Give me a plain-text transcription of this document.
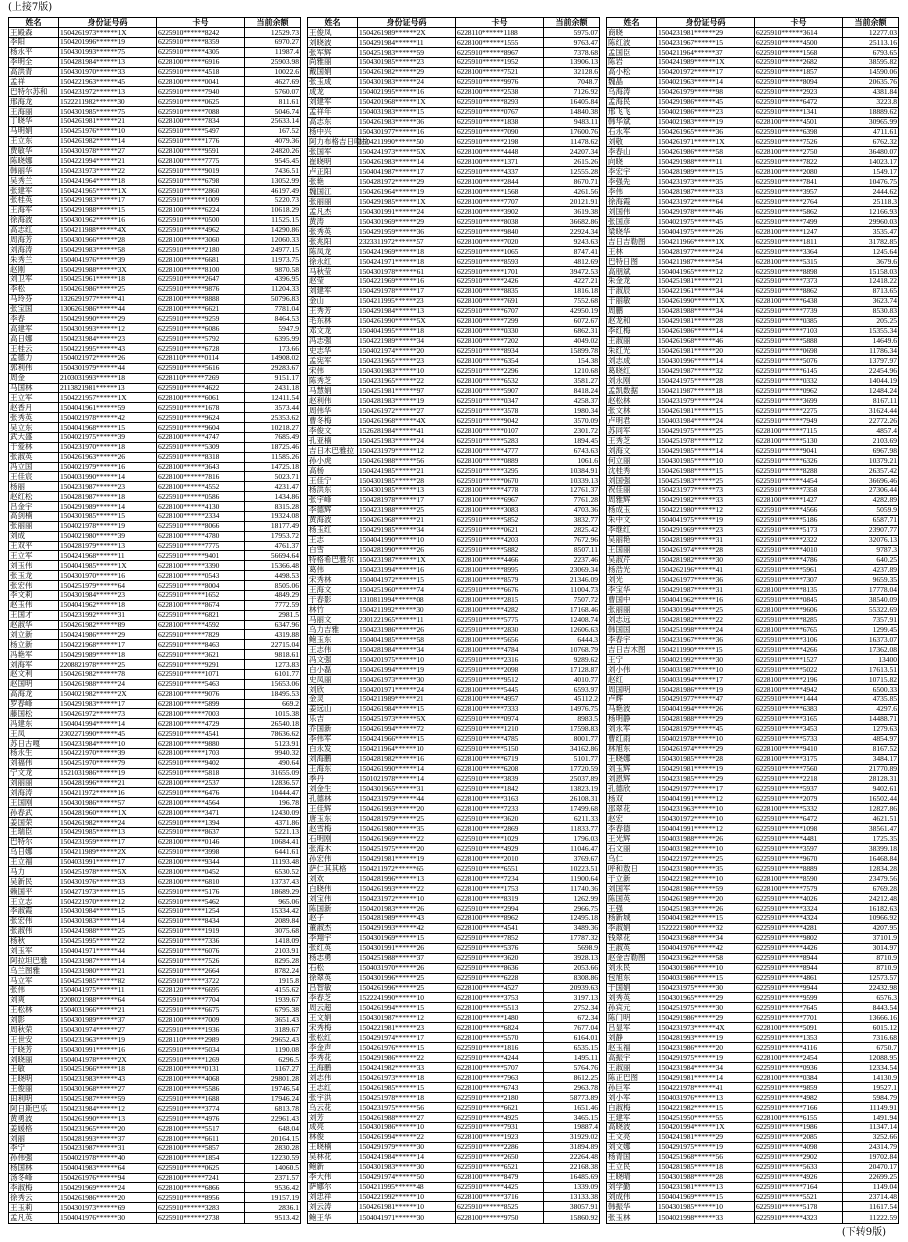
(上接7版)
姓名	身份证号码	卡号	当前余额
王殿森	1504261973******1X	6225910******8242	12529.73
李阳	1504201996******19	6225910******8359	6970.27
杨永平	1504301993******75	6225910******4305	11987.4
李明全	1504281984******13	6228100******6916	25903.98
高洪青	1504301970******33	6225910******4518	10022.6
孟祥	1504221963******45	6228100******0041	4627.69
巴特尔苏和	1504231972******13	6225910******7940	5760.07
邢海龙	1522211982******30	6225910******0625	811.61
王海丽	1504301985******75	6225910******7088	5046.74
丁晓华	1504261981******21	6228100******7834	25633.14
马明娟	1504251976******10	6225910******5497	167.52
王立东	1504261982******14	6225910******1776	4079.36
贾敏华	1504301978******27	6228100******9591	24820.26
陈晓娜	1504221994******21	6228100******7775	9545.45
韩丽华	1504231973******22	6225910******9019	7436.51
吴秀兰	1504241964******18	6225910******6798	13052.99
张建军	1504241965******1X	6225910******2860	46197.49
张桂英	1504291983******17	6225910******1009	5220.73
王海军	1504291988******15	6228100******6224	10618.29
徐海波	1504301962******16	6225910******0500	11525.15
高志红	1504211988******4X	6225910******4962	14290.86
周海芳	1504301966******28	6228100******3060	12060.33
刘海涛	1504291983******58	6225910******2180	24977.15
朱秀兰	1504041976******39	6228100******6681	11973.75
赵刚	1504291988******3X	6228100******8100	9870.58
刘卫军	1504251961******18	6225910******2647	4396.95
李松	1504261986******25	6225910******9876	11204.33
马玲芬	1326291977******41	6228100******8888	50796.83
张宝国	1306261986******44	6228100******6621	7781.04
李春	1504291990******29	6225910******9259	8464.53
高建军	1504301993******12	6225910******6086	5947.9
高日娜	1504231984******23	6225910******5792	6395.99
王桂云	1504221995******43	6225910******6728	173.66
孟德力	1504021972******26	6228110******0114	14908.02
郭利伟	1504301979******44	6225910******5616	29283.67
周金	2103031993******18	6228110******7269	9151.17
马国林	2113821981******13	6225910******4622	2431.18
王立军	1504221957******1X	6228100******6061	12411.54
赵香月	1504041961******59	6225910******1678	3573.44
张秀英	1504021978******42	6225910******9624	25353.62
吴立东	1504041968******15	6225910******9604	10218.27
武大盛	1504021975******39	6228100******4747	7685.49
于爱林	1504231970******18	6225910******5309	18725.46
张淑英	1504261963******26	6225910******8318	11585.26
冯立国	1504021979******16	6228100******3643	14725.18
王佳宸	1504031990******14	6228100******7816	5023.71
杨丽	1504231987******23	6228100******4552	4231.47
赵红松	1504281987******18	6225910******0586	1434.86
吕金宇	1504291989******14	6228100******4130	8315.28
高剑楠	1504301985******15	6228100******2334	19324.08
张丽丽	1504021978******19	6225910******8066	18177.49
刘成	1504021980******39	6228100******4780	17953.72
王双平	1504281979******13	6225910******7775	4761.37
王立军	1504241968******11	6225910******9401	56694.64
刘玉伟	1504041985******1X	6228100******3390	15366.48
张玉龙	1504301970******16	6228100******0543	4498.53
张宏伟	1504251979******64	6225910******8004	8505.06
李文莉	1504301984******23	6225910******1652	4849.29
赵玉伟	1504041962******18	6228100******8674	7772.59
王国才	1504231992******31	6225910******6821	2981.5
赵淑华	1504261982******89	6228100******4592	6347.96
刘立新	1504241986******29	6225910******7829	4319.88
杨立新	1504221968******17	6225910******8463	22715.04
冯艳军	1504291989******18	6225910******3621	9818.61
刘海军	2208821978******25	6225910******9291	1273.83
赵文利	1504261982******78	6225910******1071	6101.77
赵国明	1504261988******24	6225910******5463	15653.06
高海龙	1504021982******2X	6228100******9076	18495.53
罗春峰	1504291983******17	6228100******5899	669.2
藤国松	1504261972******73	6228100******7003	1015.38
冯建东	1504041994******14	6228100******4729	26540.18
王凤	2302271990******45	6225910******4541	78636.62
苏日古嘎	1504231984******10	6228100******9880	5123.91
杨永生	1504221970******39	6228100******1703	9940.32
刘福伟	1504251970******79	6225910******9402	490.64
宁文龙	1521031986******19	6225910******5818	31655.09
刘丽丽	1504281996******21	6228100******2537	12836.57
刘海涛	1504211972******16	6225910******6476	10444.47
王国刚	1504301986******57	6228100******4564	196.78
孙春武	1504281960******1X	6228100******3471	12430.09
姜国荣	1504261982******24	6225910******1394	4371.86
王瑞臣	1504291985******13	6225910******8637	5221.13
巴特尔	1504231959******17	6228100******0146	10684.41
乌日娜	1504211989******2X	6225910******3998	6441.61
王立福	1504031991******17	6228100******9344	11193.48
马力	1504251978******5X	6228100******0452	6530.52
吴新民	1504301976******33	6228100******6810	13737.43
赖国平	1504271973******15	6225910******5176	18689.29
王立志	1504221970******12	6225910******5462	965.06
李淑霞	1504301984******15	6225910******1254	15334.42
张宏伟	1504301983******14	6225910******8434	2089.84
张淑伟	1504241988******25	6225910******1919	3075.68
杨秋	1504251995******22	6225910******7336	1418.09
刘玉军	1504041971******44	6225910******6076	2103.91
阿拉坦巴雅	1504231987******14	6225910******7526	8295.28
乌兰图雅	1504231980******21	6225910******2664	8782.24
马立军	1504251985******82	6225910******3722	1915.8
张伟	1504041975******11	6228120******6695	4155.62
刘爽	2208021988******64	6225910******7704	1939.67
王松林	1504031966******21	6225910******6675	6795.38
刘影	1504301989******37	6228100******7009	3651.43
周秋荣	1504301974******27	6225910******1936	3189.67
王世安	1504231963******19	6228110******2989	29652.43
于晓芳	1504301991******16	6225910******5034	1190.08
刘晓丽	1504041978******2X	6225910******1269	6296.5
王敏	1504251966******18	6228100******0131	1167.27
王晓明	1504231983******43	6228100******4068	29801.28
王俊丽	1504301968******27	6228100******5586	19746.54
田利明	1504251987******59	6225910******1688	17946.24
阿日斯巴乐	1504231984******12	6225910******3774	6813.78
黄勇波	1504261990******13	6225910******4976	22961.43
姜媛格	1504231965******20	6228100******5517	648.04
刘丽	1504281993******37	6228100******6611	20164.15
李宁	1504231987******31	6228100******5857	2830.28
孙伟强	1504021978******40	6228100******1854	12230.59
杨国林	1504041983******64	6225910******0625	14060.5
汤冬峰	1504261976******94	6228100******7241	2371.57
李淑梅	1504291969******24	6228100******6866	9536.42
徐秀云	1504261986******20	6225910******8956	19157.19
王玉莉	1504301973******69	6225910******3283	2836.1
孟凡英	1504041976******30	6225910******2738	9513.42
姓名	身份证号码	卡号	当前余额
王俊凤	1504261989******2X	6228110******1188	5975.07
刘晓波	1504291984******11	6228100******1555	9763.47
张军辉	1504251983******59	6225910******8967	7378.68
尚雅丽	1504301985******23	6225910******1952	13906.13
戴国娟	1504261982******29	6228100******7521	32128.6
张玉成	1504301983******24	6225910******9976	7048.7
成龙	1504021995******16	6228100******2538	7126.92
刘建军	1504201968******1X	6225910******8293	16405.84
孟祥年	1504031983******15	6225910******0767	14840.38
高志东	1504261983******36	6225910******1838	9483.11
杨中兴	1504301977******16	6225910******7090	17600.76
阿力布格吉日嘎拉	1504211990******50	6225910******2198	11478.62
张国军	1504241973******5X	6228100******4448	24207.34
崔晓明	1504261983******14	6228100******1371	2615.26
卢正阳	1504041987******17	6225910******4337	12555.28
张艳	1504281972******29	6228100******2844	8670.71
魏国江	1504261964******19	6228100******1568	4261.56
张丽丽	1504291985******1X	6228100******7707	20121.91
孟凡杰	1504301991******24	6228100******3902	3619.38
黄涛	1504301969******29	6225910******8038	36682.86
张秀英	1504291959******36	6225910******9840	22924.34
张兆阳	2323311972******57	6228100******7020	9243.63
陈凤龙	1504241969******18	6225910******1065	8747.41
徐永红	1504241971******18	6225910******8593	4812.69
马秋莹	1504301978******61	6225910******1701	39472.53
赵莹	1504221969******16	6225910******2426	4227.21
刘建军	1504291978******17	6228100******8835	1816.18
金山	1504211995******23	6228100******7691	7552.68
王秀芳	1504291984******13	6225910******6707	42950.19
毛东林	1504261990******5X	6228100******7299	6072.67
邓文龙	1504041995******18	6228100******0330	6862.31
冯志强	1504221989******34	6228100******7202	4049.02
史志华	1504021974******20	6225910******8934	15899.78
孟宪军	1504231965******23	6228100******6354	154.38
宋伟	1504301983******10	6225910******2296	1210.68
陈秀芝	1504231965******22	6228100******6532	3581.27
马慧娟	1504251981******97	6228100******5907	8418.24
赵利伟	1504281983******19	6225910******0347	4258.37
周伟华	1504261972******27	6225910******3578	1980.34
曹冬梅	1504261968******4X	6225910******9042	3570.09
李俊文	1526281984******41	6228100******0107	2301.72
孔亚楠	1504251983******24	6225910******5283	1894.45
吉日木巴雅拉	1504231979******12	6228100******4777	6743.63
孙小虎	1504261988******56	6228100******0889	1061.6
高杨	1504241985******21	6225910******3295	10384.91
王佳宁	1504301985******28	6225910******0670	10339.13
杨洪东	1504301985******13	6228100******4778	12761.37
张宇峰	1504281978******17	6228100******6967	7761.28
李德辉	1504231988******25	6228100******3083	4703.36
黄海波	1504261968******21	6225910******5852	3832.77
杨玉红	1504291985******34	6225910******0621	2825.42
王志	1504041990******10	6225910******4203	7672.96
白雪	1504281990******26	6225910******5882	8507.11
特格希巴雅尔	1504231987******1X	6228100******4466	2237.46
葛伟	1504231994******16	6228100******8995	23069.34
宋秀林	1504041972******15	6228100******8579	21346.09
王海文	1504251960******74	6225910******6676	11004.73
于春影	1310811994******08	6228100******2815	7507.72
林竹	1504211992******30	6228100******4282	17168.46
马丽文	2301221965******11	6225910******5775	12408.74
乌力吉雅	1504231986******26	6225910******2830	12606.63
鲍玉东	1504041985******58	6228100******5656	6444.3
王志伟	1504281984******34	6228100******4784	10768.79
冯文强	1504201975******10	6225910******2316	9289.62
白小磊	1504261994******19	6225910******2098	17128.87
史凤丽	1504261973******30	6225910******9512	4010.77
刘欣	1504201971******24	6228100******5445	6593.97
金灵	1504211989******21	6228100******4957	45112.2
姜远山	1504261984******15	6228100******7333	14976.75
乐吉	1504251973******5X	6225910******0974	8983.5
乔国新	1504261994******72	6225910******1210	17598.83
李伟军	1504241966******15	6225910******4785	8001.77
白永发	1504211964******10	6225910******5150	34162.86
刘海鹏	1504281982******16	6228100******6719	5101.77
王海东	1504261990******14	6228100******6208	17720.59
季丹	1501021978******14	6225910******3839	25037.89
刘金生	1504301965******31	6225910******1842	13823.19
孔德林	1504231979******44	6228100******3163	26108.31
王佳辉	1504261993******20	6228100******7233	17499.68
唐玉东	1504281979******25	6225910******3620	6211.33
赵雪梅	1504261980******35	6228100******2869	11833.77
石明刚	1504261969******22	6225910******1029	1796.03
张海木	1504251975******20	6225910******4929	11046.47
孙宏伟	1504291981******19	6228100******2010	3769.67
萨仁其其格	1504211972******65	6225910******6551	10223.51
刘欢	1504281996******13	6228100******7234	11900.64
白晓伟	1504261993******22	6228100******1753	11740.36
刘宝伟	1504231972******10	6228100******8319	1262.99
陈国新	1504201983******26	6225910******2994	2966.75
赵子	1504281989******43	6228100******8962	12495.18
董淑杰	1504291993******42	6228100******4541	3489.36
李翔宇	1504301969******15	6225910******7852	17787.32
张红英	1504301991******26	6225910******5376	5698.9
杨志勇	1504251988******37	6225910******3620	3928.13
石松	1504031970******26	6225910******8636	2053.66
徐翠英	1504301996******25	6225910******6228	8308.86
吕智敏	1504261996******25	6228100******4527	20939.63
李春芝	1522241990******10	6228100******3753	3197.13
周云超	1504261994******15	6228100******5513	2752.34
王文娟	1504301987******12	6228100******1480	672.34
宋秀梅	1504221981******23	6228100******6824	7677.04
张松红	1504291974******17	6228100******5570	6164.01
李金声	1504261976******15	6225910******1816	6535.15
李秀花	1504291986******22	6225910******4244	1495.11
王海鹏	1504241982******33	6228100******5707	5764.76
刘志伟	1504261973******18	6228100******7963	8612.25
王志红	1504261985******15	6228100******6743	2963.78
张宇洪	1504251978******18	6225910******2180	58773.89
乌云花	1504231975******56	6225910******6621	1651.46
刘芳	1504261988******27	6225910******4925	3465.15
成亮	1504301986******10	6225910******7931	19887.4
林俊	1504261994******22	6228100******1923	31929.02
王晓楠	1504291979******30	6225910******2286	31894.89
吴林花	1504241984******14	6225910******2650	22264.48
鲍新	1504301983******30	6225910******6521	22168.38
李大伟	1504291974******50	6228100******8479	16485.69
萨娜尔	1504211995******48	6225910******4425	1339.09
刘忠祥	1504221992******10	6228100******3716	13133.38
刘云涛	1504261981******10	6225910******8525	38057.91
鲍王华	1504041971******30	6228100******9750	15860.92
姓名	身份证号码	卡号	当前余额
商晓	1504231981******29	6225910******3614	12277.03
陈红波	1504231967******15	6225910******4500	25113.16
孟国臣	1504211964******37	6225910******1568	6793.65
陈岩	1504241989******1X	6225910******2682	38595.82
高小松	1504201972******17	6225910******1857	14590.06
魏晶	1504021963******14	6225910******8094	20635.76
乌海涛	1504261979******98	6225910******2923	4381.84
孟海民	1504291986******45	6225910******6472	3223.8
邢飞飞	1504021986******23	6225910******1341	18889.62
韩华斌	1504021983******19	6228100******4501	30965.99
石永军	1504261965******36	6225910******6398	4711.61
刘敬	1504261971******1X	6225910******7526	6762.32
李春山	1504261986******58	6228100******2750	36480.07
向晓	1504291988******11	6225910******7822	14023.17
李宏宇	1504281989******15	6228100******2080	1549.17
李强先	1504231973******35	6225910******7841	10476.75
李伟	1504281987******33	6225910******3957	2444.62
徐海霞	1504231972******64	6225910******2764	25118.3
刘国伟	1504291978******46	6225910******5862	12166.93
张国彦	1504021975******45	6225910******7499	29960.03
梁晓华	1504041975******26	6228100******1247	3535.47
吉日吉勒图	1504211966******1X	6225910******1811	31782.85
王林	1504281977******24	6225910******3364	1245.64
巴特日图	1504211987******54	6228100******5315	3679.6
高朋斌	1504041965******12	6225910******8898	15158.03
朱金龙	1504251981******21	6225910******7373	12418.22
于淑辰	1504221961******34	6225910******8862	8713.65
于丽敏	1504261990******1X	6228100******6438	3623.74
周鹏	1504281988******34	6225910******7739	8530.83
赵龙和	1504291981******28	6225910******0385	205.25
李红梅	1504261986******14	6225910******7103	15355.34
王淑丽	1504261968******46	6225910******5888	14649.6
朱红光	1504261981******20	6225910******0698	11786.34
刘志成	1504301996******14	6225910******5076	13797.97
葛晓红	1504291987******32	6225910******6145	22454.96
刘永刚	1504241975******28	6225910******0332	14044.19
孟凯数据	1504211987******18	6225910******0962	12484.24
赵松林	1504231979******24	6225910******3699	8167.11
张文林	1504261981******15	6225910******2275	31624.44
卢明君	1504031984******24	6225910******7949	22772.26
苏同军	1504291975******25	6228100******7115	4857.4
王秀芝	1504251978******12	6228100******5130	2103.69
刘海文	1504291985******14	6225910******9041	6967.98
何立丽	1504301985******10	6225910******6326	10379.21
沈桂秀	1504261988******15	6225910******8288	26357.42
刘国强	1504251983******25	6225910******4454	36696.46
祝佳丽	1504231977******73	6225910******7358	27306.44
周雅辉	1504291982******33	6228100******1427	4282.89
杨成玉	1504221980******12	6225910******4566	5059.9
朱中文	1504041975******19	6225910******5186	6587.71
李继红	1504291969******23	6225910******5173	23907.77
吴丽艳	1504281989******31	6225910******2322	32076.13
王国丽	1504261974******28	6225910******4010	9787.3
吴淑芹	1504281982******30	6225910******4786	640.25
杨浩光	1504262196******41	6225910******5961	4237.89
刘光	1504261977******36	6225910******7307	9659.35
李宝华	1504291987******31	6228100******8135	17778.04
曹国中	1504041962******16	6225910******0845	38540.09
张丽丽	1504301994******25	6228100******9606	55322.69
刘志远	1504281982******22	6225910******8285	7357.91
韩国国	1504251998******24	6228100******6765	1299.45
李春宇	1504231967******36	6225910******3106	16373.07
吉日吉木图	1504211990******15	6225910******4266	17362.08
王宁	1504021992******30	6225910******1527	13400
刘小伟	1504031987******10	6225910******5022	17613.51
赵红	1504031994******17	6228100******2196	10715.82
周国明	1504281986******19	6228100******4942	6500.33
卢辉	1504291977******47	6225910******1444	4735.85
马艳波	1504041994******26	6225910******6383	4297.6
杨明静	1504281988******29	6225910******3165	14488.71
刘永军	1504281979******45	6225910******3453	1279.63
曹红雨	1504021978******10	6225910******5733	4854.97
林旭东	1504261974******29	6228100******9410	8167.52
王晓娜	1504301985******28	6228100******3175	3484.17
刘玉辉	1504291981******19	6225910******7560	21770.89
刘恩辉	1504231985******29	6225910******2218	28128.31
孔德欣	1504291977******17	6225910******5937	9402.61
杨双	1504041991******12	6225910******2079	16502.44
邵翠花	1504231963******10	6228100******5332	12827.86
赵宏	1504301972******10	6225910******6472	4621.51
李春德	1504041991******12	6225910******1098	38561.47
王光辉	1504031988******26	6225910******4481	1725.35
石文丽	1504031982******10	6225910******3597	38399.18
乌仁	1504221972******25	6225910******9670	16468.84
呼和敖日	1504231980******35	6225910******8889	12834.28
于立新	1504221982******10	6228100******8590	23479.56
刘国军	1504281986******59	6228100******7579	6769.28
陈国英	1504261989******20	6225910******4026	24212.48
王强	1504251983******26	6225910******3324	16182.63
杨新城	1504041982******15	6225910******4324	10966.92
李淑娟	1522221980******32	6225910******4281	4207.95
钱翠花	1504231968******34	6225910******9802	37101.9
王淑英	1504041976******42	6225910******4426	3014.97
赵金吉勒图	1504231962******58	6225910******8944	8710.9
刘永民	1504301986******10	6225910******8944	8710.9
包旭东	1504031986******15	6225910******4861	12573.57
于国娟	1504231975******30	6225910******9944	22432.98
刘秀英	1504301965******29	6225910******9599	6576.3
孙宾元	1504251975******30	6225910******7645	8443.54
陈门明	1504291986******29	6225910******7701	13666.16
吕显军	1504231973******4X	6228100******5091	6015.12
刘静	1504281993******19	6225910******1353	7316.68
赵玉福	1504231986******20	6225910******4116	6750.7
高振宇	1504291975******19	6228100******2454	12088.95
王淑丽	1504231984******34	6225910******0936	12334.54
陈正巴图	1504291981******14	6228100******0384	14130.9
孙巨军	1504221978******41	6225910******9859	19527.1
刘小军	1504031976******13	6225910******4982	5984.79
白淑梅	1504221982******15	6225910******7166	11149.91
王建军	1504251950******55	6228100******6155	1491.94
高晓波	1504201994******1X	6225910******1986	11347.14
王文亮	1504241981******29	6225910******2085	3252.66
刘文娜	1504291975******19	6225910******4098	24314.79
杨青国	1504251968******56	6225910******2902	19702.84
王立民	1504281985******18	6225910******5633	20470.17
王晓晴	1504301988******28	6225910******4926	22699.25
刘学勤	1504231981******13	6225910******7164	1149.04
刘成伟	1504041969******15	6225910******5521	23714.48
韩振华	1504301985******10	6225910******5178	11617.54
张玉林	1504021998******33	6225910******4323	11222.59
(下转9版)
